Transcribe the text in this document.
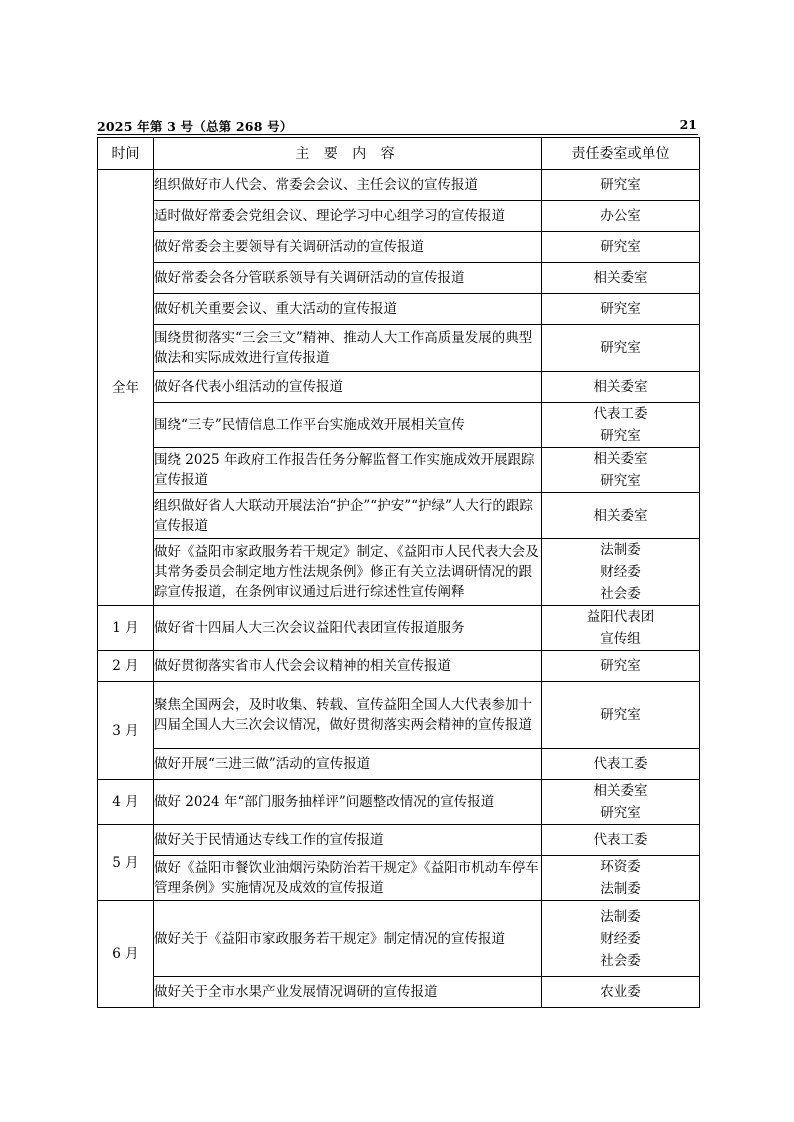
2025 年第 3 号（总第 268 号）	21
时间	主 要 内 容	责任委室或单位
全年	组织做好市人代会、常委会会议、主任会议的宣传报道	研究室

	适时做好常委会党组会议、理论学习中心组学习的宣传报道	办公室

	做好常委会主要领导有关调研活动的宣传报道	研究室

	做好常委会各分管联系领导有关调研活动的宣传报道	相关委室

	做好机关重要会议、重大活动的宣传报道	研究室

	围绕贯彻落实“三会三文”精神、推动人大工作高质量发展的典型做法和实际成效进行宣传报道	研究室

	做好各代表小组活动的宣传报道	相关委室

	围绕“三专”民情信息工作平台实施成效开展相关宣传	代表工委
研究室

	围绕 2025 年政府工作报告任务分解监督工作实施成效开展跟踪宣传报道	相关委室
研究室

	组织做好省人大联动开展法治“护企”“护安”“护绿”人大行的跟踪宣传报道	相关委室

	做好《益阳市家政服务若干规定》制定、《益阳市人民代表大会及其常务委员会制定地方性法规条例》修正有关立法调研情况的跟踪宣传报道，在条例审议通过后进行综述性宣传阐释	法制委
财经委
社会委

1 月	做好省十四届人大三次会议益阳代表团宣传报道服务	益阳代表团
宣传组

2 月	做好贯彻落实省市人代会会议精神的相关宣传报道	研究室

3 月	聚焦全国两会，及时收集、转载、宣传益阳全国人大代表参加十四届全国人大三次会议情况，做好贯彻落实两会精神的宣传报道	研究室

	做好开展“三进三做”活动的宣传报道	代表工委

4 月	做好 2024 年“部门服务抽样评”问题整改情况的宣传报道	相关委室
研究室

5 月	做好关于民情通达专线工作的宣传报道	代表工委

	做好《益阳市餐饮业油烟污染防治若干规定》《益阳市机动车停车管理条例》实施情况及成效的宣传报道	环资委
法制委

6 月	做好关于《益阳市家政服务若干规定》制定情况的宣传报道	法制委
财经委
社会委

	做好关于全市水果产业发展情况调研的宣传报道	农业委
